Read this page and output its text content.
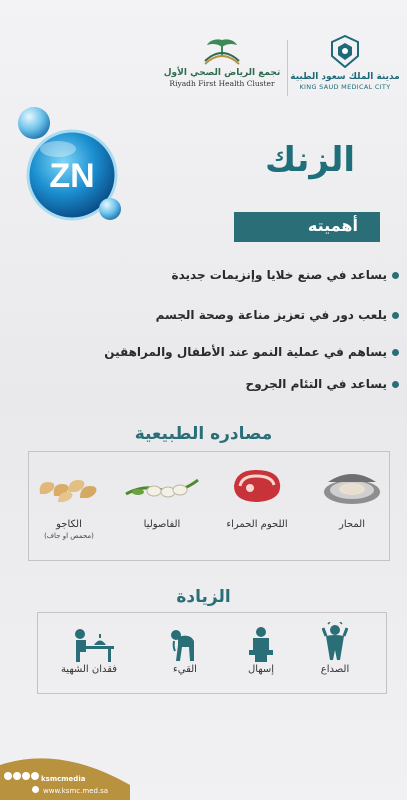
تجمع الرياض الصحي الأول
Riyadh First Health Cluster
مدينة الملك سعود الطبية
KING SAUD MEDICAL CITY
ZN	الزنك
أهميته
يساعد في صنع خلايا وإنزيمات جديدة
يلعب دور في تعزيز مناعة وصحة الجسم
يساهم في عملية النمو عند الأطفال والمراهقين
يساعد في التئام الجروح
مصادره الطبيعية
المحار
اللحوم الحمراء
الفاصوليا
الكاجو
(محمص او جاف)
الزيادة
الصداع
إسهال
القيء
فقدان الشهية
ksmcmedia
www.ksmc.med.sa
